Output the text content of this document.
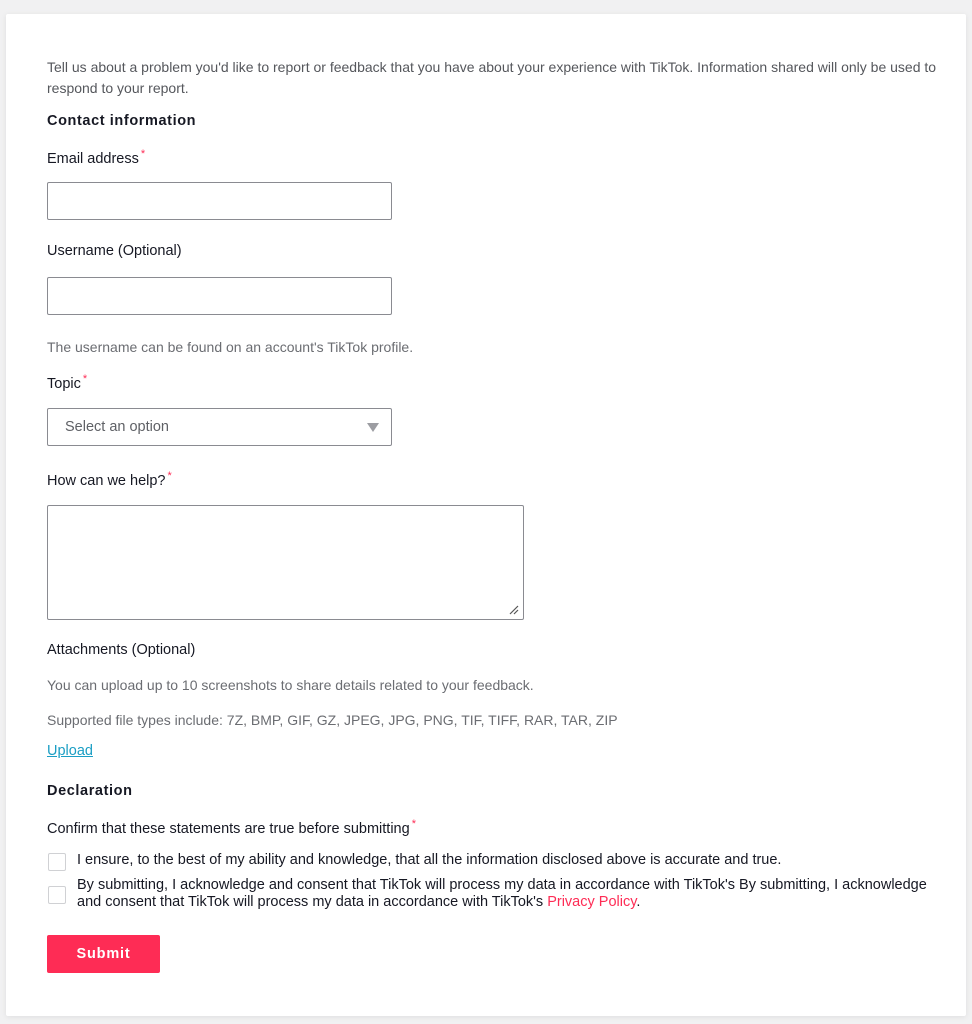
Tell us about a problem you'd like to report or feedback that you have about your experience with TikTok. Information shared will only be used to respond to your report.
Contact information
Email address *
Username (Optional)
The username can be found on an account's TikTok profile.
Topic *
Select an option
How can we help? *
Attachments (Optional)
You can upload up to 10 screenshots to share details related to your feedback.
Supported file types include: 7Z, BMP, GIF, GZ, JPEG, JPG, PNG, TIF, TIFF, RAR, TAR, ZIP
Upload
Declaration
Confirm that these statements are true before submitting *
I ensure, to the best of my ability and knowledge, that all the information disclosed above is accurate and true.
By submitting, I acknowledge and consent that TikTok will process my data in accordance with TikTok's By submitting, I acknowledge and consent that TikTok will process my data in accordance with TikTok's Privacy Policy.
Submit
